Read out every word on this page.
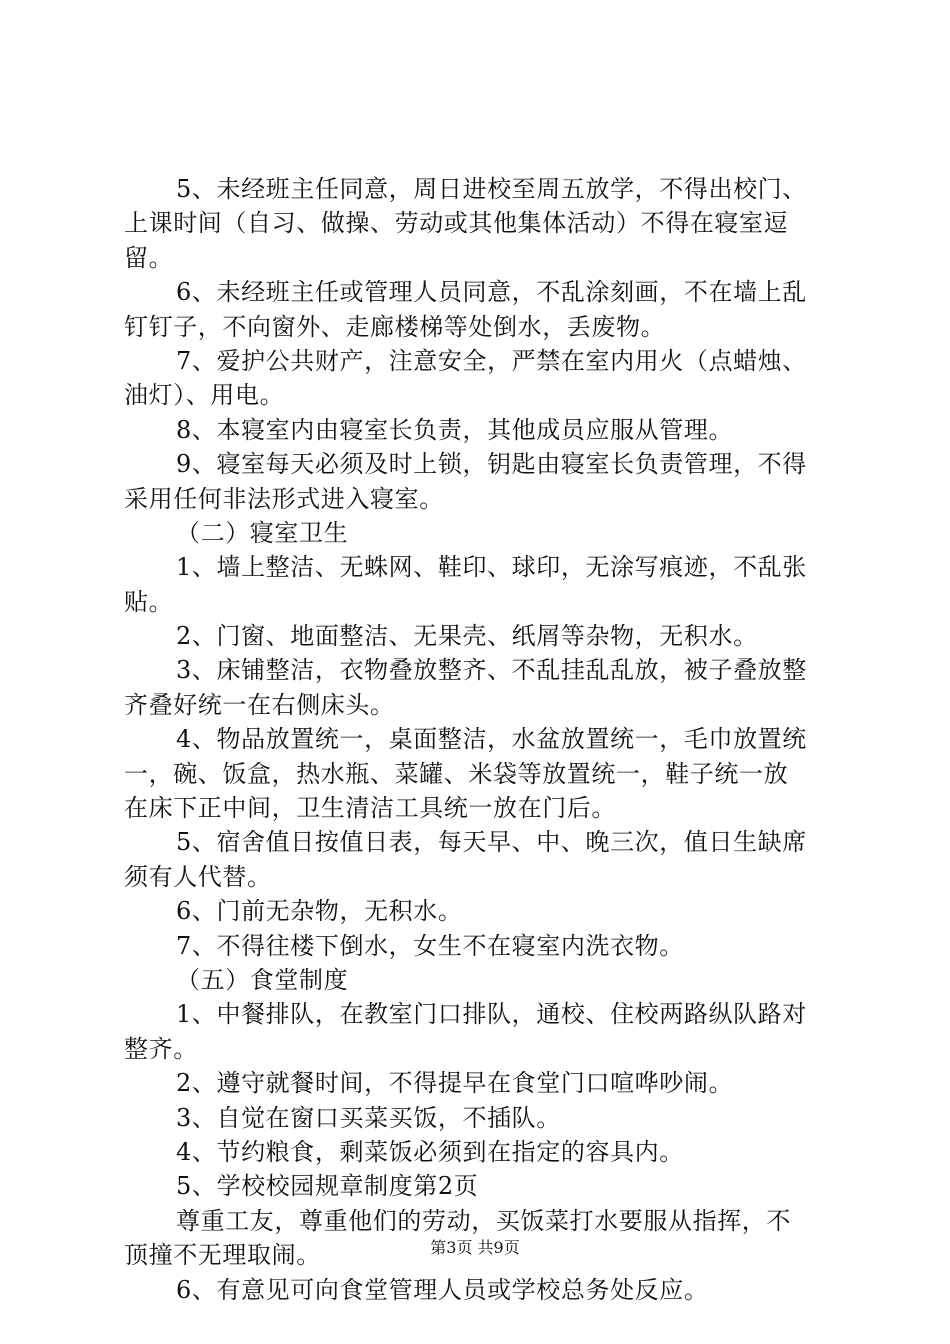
5、未经班主任同意，周日进校至周五放学，不得出校门、
上课时间（自习、做操、劳动或其他集体活动）不得在寝室逗
留。
6、未经班主任或管理人员同意，不乱涂刻画，不在墙上乱
钉钉子，不向窗外、走廊楼梯等处倒水，丢废物。
7、爱护公共财产，注意安全，严禁在室内用火（点蜡烛、
油灯）、用电。
8、本寝室内由寝室长负责，其他成员应服从管理。
9、寝室每天必须及时上锁，钥匙由寝室长负责管理，不得
采用任何非法形式进入寝室。
（二）寝室卫生
1、墙上整洁、无蛛网、鞋印、球印，无涂写痕迹，不乱张
贴。
2、门窗、地面整洁、无果壳、纸屑等杂物，无积水。
3、床铺整洁，衣物叠放整齐、不乱挂乱乱放，被子叠放整
齐叠好统一在右侧床头。
4、物品放置统一，桌面整洁，水盆放置统一，毛巾放置统
一，碗、饭盒，热水瓶、菜罐、米袋等放置统一，鞋子统一放
在床下正中间，卫生清洁工具统一放在门后。
5、宿舍值日按值日表，每天早、中、晚三次，值日生缺席
须有人代替。
6、门前无杂物，无积水。
7、不得往楼下倒水，女生不在寝室内洗衣物。
（五）食堂制度
1、中餐排队，在教室门口排队，通校、住校两路纵队路对
整齐。
2、遵守就餐时间，不得提早在食堂门口喧哗吵闹。
3、自觉在窗口买菜买饭，不插队。
4、节约粮食，剩菜饭必须到在指定的容具内。
5、学校校园规章制度第2页
尊重工友，尊重他们的劳动，买饭菜打水要服从指挥，不
顶撞不无理取闹。
6、有意见可向食堂管理人员或学校总务处反应。
第3页 共9页
